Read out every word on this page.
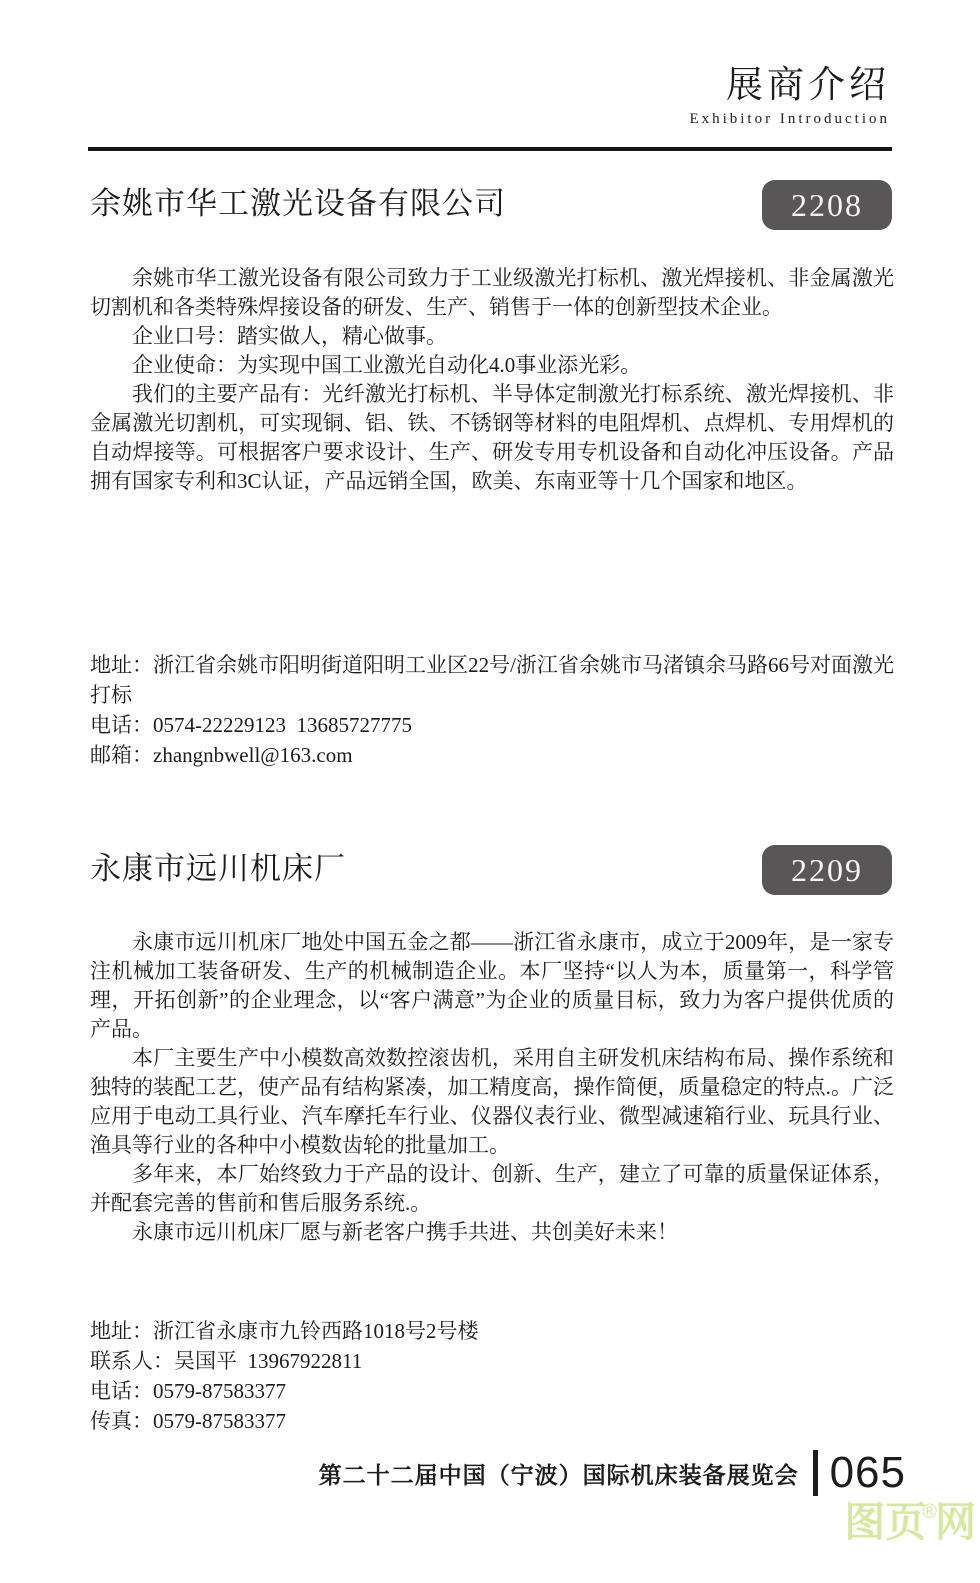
展商介绍
Exhibitor Introduction
余姚市华工激光设备有限公司	2208

余姚市华工激光设备有限公司致力于工业级激光打标机、激光焊接机、非金属激光切割机和各类特殊焊接设备的研发、生产、销售于一体的创新型技术企业。

企业口号：踏实做人，精心做事。

企业使命：为实现中国工业激光自动化4.0事业添光彩。

我们的主要产品有：光纤激光打标机、半导体定制激光打标系统、激光焊接机、非金属激光切割机，可实现铜、铝、铁、不锈钢等材料的电阻焊机、点焊机、专用焊机的自动焊接等。可根据客户要求设计、生产、研发专用专机设备和自动化冲压设备。产品拥有国家专利和3C认证，产品远销全国，欧美、东南亚等十几个国家和地区。

地址：浙江省余姚市阳明街道阳明工业区22号/浙江省余姚市马渚镇余马路66号对面激光打标
电话：0574-22229123  13685727775
邮箱：zhangnbwell@163.com
永康市远川机床厂	2209

永康市远川机床厂地处中国五金之都——浙江省永康市，成立于2009年，是一家专注机械加工装备研发、生产的机械制造企业。本厂坚持“以人为本，质量第一，科学管理，开拓创新”的企业理念，以“客户满意”为企业的质量目标，致力为客户提供优质的产品。

本厂主要生产中小模数高效数控滚齿机，采用自主研发机床结构布局、操作系统和独特的装配工艺，使产品有结构紧凑，加工精度高，操作简便，质量稳定的特点.。广泛应用于电动工具行业、汽车摩托车行业、仪器仪表行业、微型减速箱行业、玩具行业、渔具等行业的各种中小模数齿轮的批量加工。

多年来，本厂始终致力于产品的设计、创新、生产，建立了可靠的质量保证体系，并配套完善的售前和售后服务系统.。

永康市远川机床厂愿与新老客户携手共进、共创美好未来！

地址：浙江省永康市九铃西路1018号2号楼
联系人：吴国平  13967922811
电话：0579-87583377
传真：0579-87583377
第二十二届中国（宁波）国际机床装备展览会 065
图页®网
